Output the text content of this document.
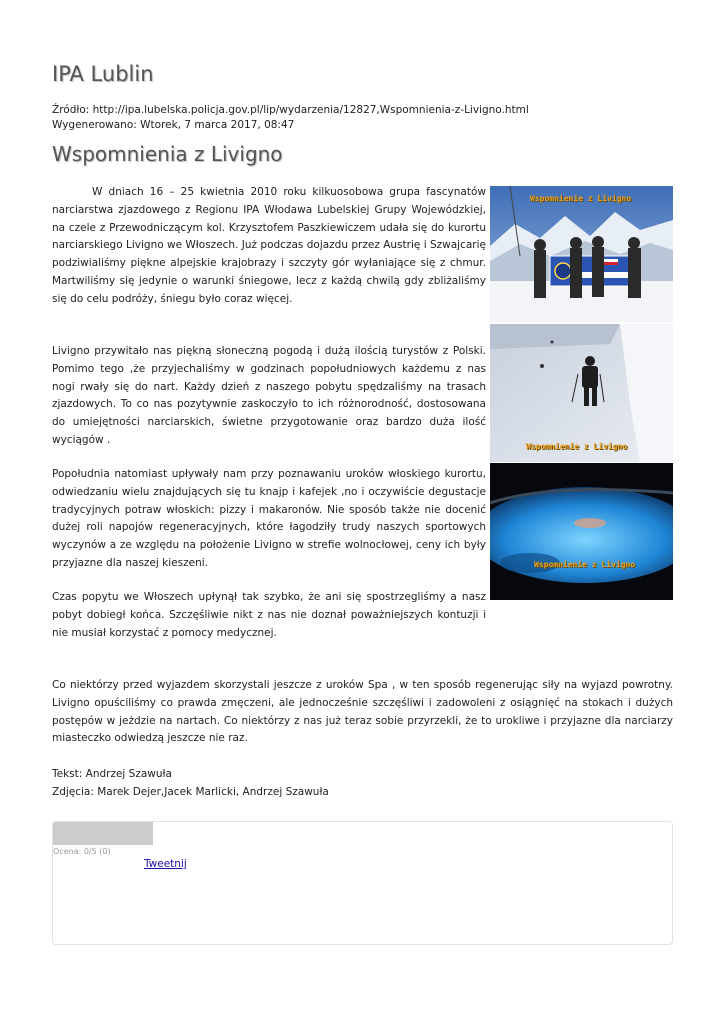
IPA Lublin
Źródło: http://ipa.lubelska.policja.gov.pl/lip/wydarzenia/12827,Wspomnienia-z-Livigno.html
Wygenerowano: Wtorek, 7 marca 2017, 08:47
Wspomnienia z Livigno

W dniach 16 – 25 kwietnia 2010 roku kilkuosobowa grupa fascynatów narciarstwa zjazdowego z Regionu IPA Włodawa Lubelskiej Grupy Wojewódzkiej, na czele z Przewodniczącym kol. Krzysztofem Paszkiewiczem udała się do kurortu narciarskiego Livigno we Włoszech. Już podczas dojazdu przez Austrię i Szwajcarię podziwialiśmy piękne alpejskie krajobrazy i szczyty gór wyłaniające się z chmur. Martwiliśmy się jedynie o warunki śniegowe, lecz z każdą chwilą gdy zbliżaliśmy się do celu podróży, śniegu było coraz więcej.

Livigno przywitało nas piękną słoneczną pogodą i dużą ilością turystów z Polski. Pomimo tego ,że przyjechaliśmy w godzinach popołudniowych każdemu z nas nogi rwały się do nart. Każdy dzień z naszego pobytu spędzaliśmy na trasach zjazdowych. To co nas pozytywnie zaskoczyło to ich różnorodność, dostosowana do umiejętności narciarskich, świetne przygotowanie oraz bardzo duża ilość wyciągów .

Popołudnia natomiast upływały nam przy poznawaniu uroków włoskiego kurortu, odwiedzaniu wielu znajdujących się tu knajp i kafejek ,no i oczywiście degustacje tradycyjnych potraw włoskich: pizzy i makaronów. Nie sposób także nie docenić dużej roli napojów regeneracyjnych, które łagodziły trudy naszych sportowych wyczynów a ze względu na położenie Livigno w strefie wolnocłowej, ceny ich były przyjazne dla naszej kieszeni.

Czas popytu we Włoszech upłynął tak szybko, że ani się spostrzegliśmy a nasz pobyt dobiegł końca. Szczęśliwie nikt z nas nie doznał poważniejszych kontuzji i nie musiał korzystać z pomocy medycznej.

Co niektórzy przed wyjazdem skorzystali jeszcze z uroków Spa , w ten sposób regenerując siły na wyjazd powrotny. Livigno opuściliśmy co prawda zmęczeni, ale jednocześnie szczęśliwi i zadowoleni z osiągnięć na stokach i dużych postępów w jeżdzie na nartach. Co niektórzy z nas już teraz sobie przyrzekli, że to urokliwe i przyjazne dla narciarzy miasteczko odwiedzą jeszcze nie raz.

Wspomnienie z Livigno
Wspomnienie z Livigno
Wspomnienie z Livigno
Tekst: Andrzej Szawuła
Zdjęcia: Marek Dejer,Jacek Marlicki, Andrzej Szawuła
Ocena: 0/5 (0)
Tweetnij
